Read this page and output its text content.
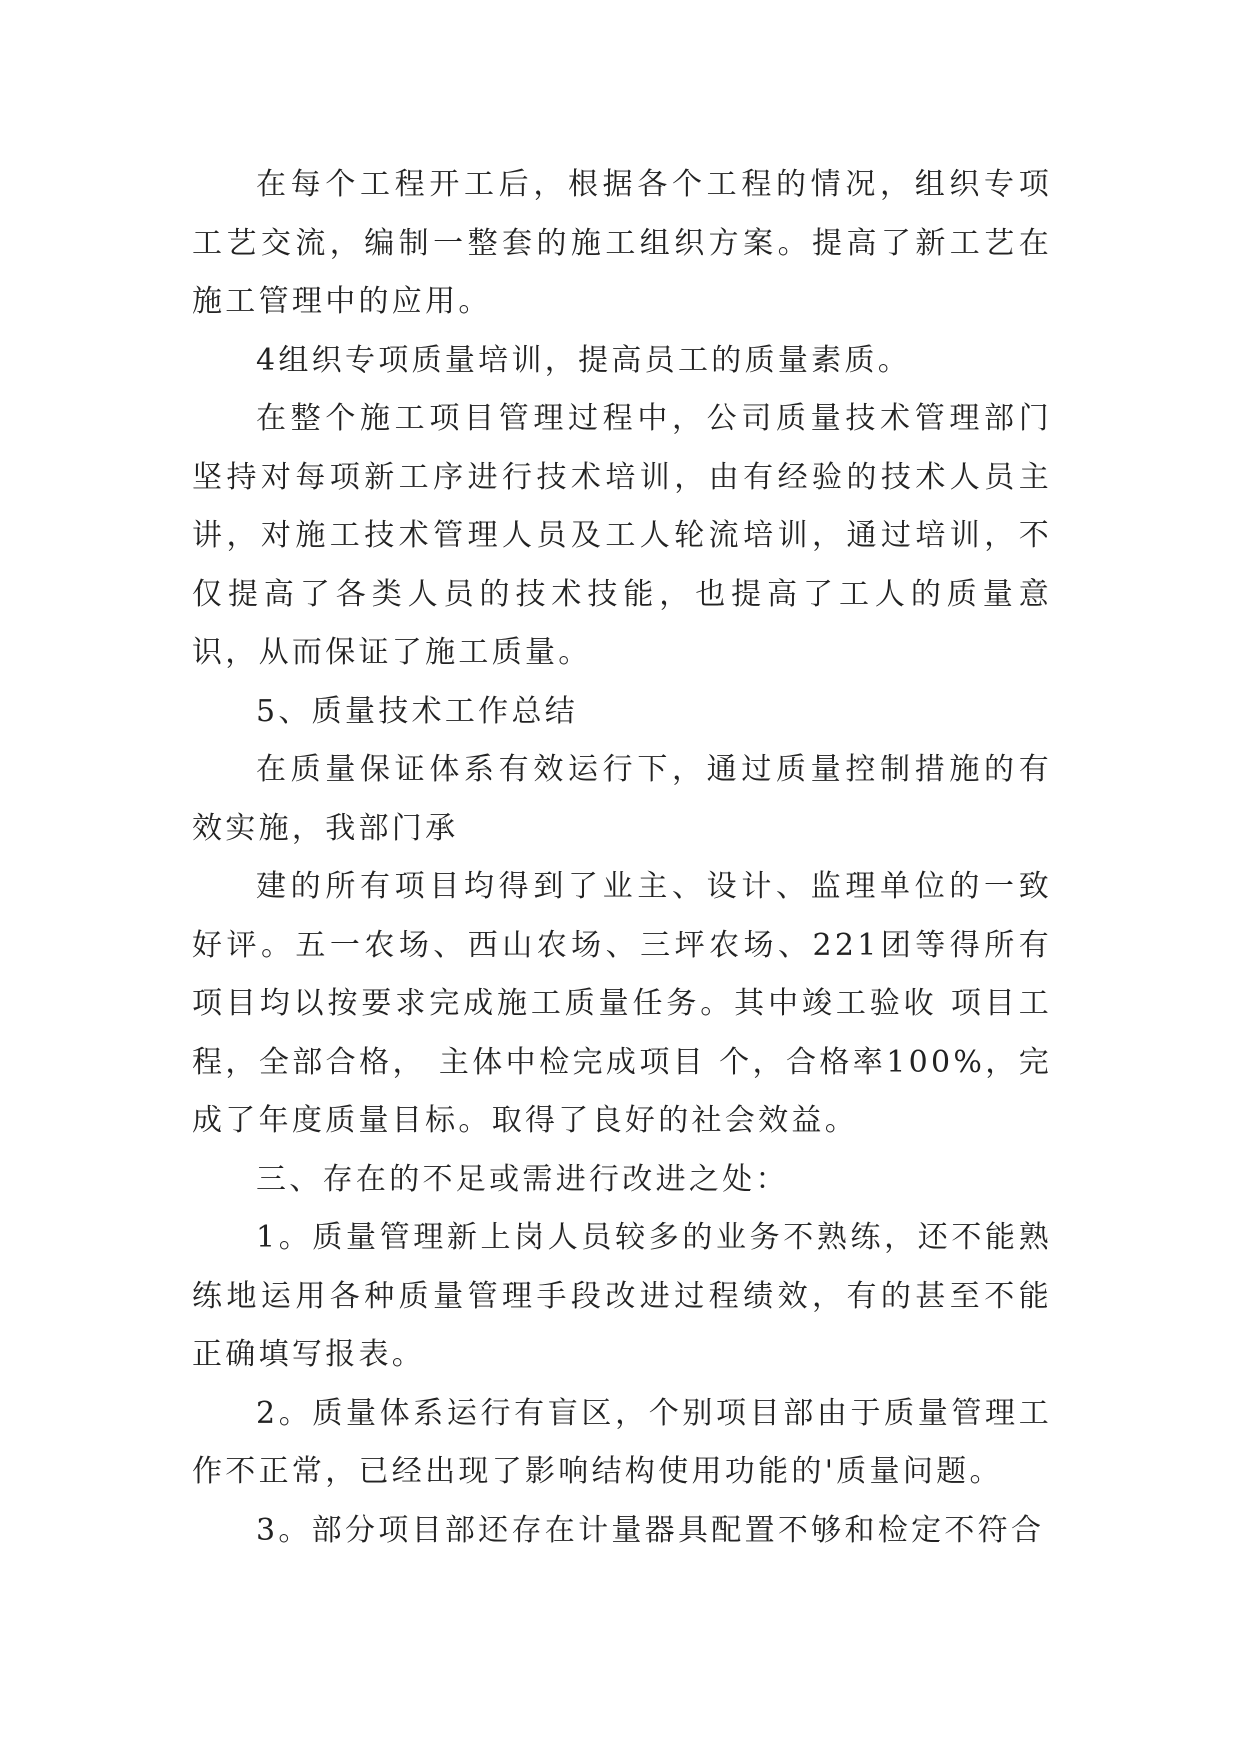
在每个工程开工后，根据各个工程的情况，组织专项工艺交流，编制一整套的施工组织方案。提高了新工艺在施工管理中的应用。

4组织专项质量培训，提高员工的质量素质。

在整个施工项目管理过程中，公司质量技术管理部门坚持对每项新工序进行技术培训，由有经验的技术人员主讲，对施工技术管理人员及工人轮流培训，通过培训，不仅提高了各类人员的技术技能，也提高了工人的质量意识，从而保证了施工质量。

5、质量技术工作总结

在质量保证体系有效运行下，通过质量控制措施的有效实施，我部门承

建的所有项目均得到了业主、设计、监理单位的一致好评。五一农场、西山农场、三坪农场、221团等得所有项目均以按要求完成施工质量任务。其中竣工验收 项目工程，全部合格， 主体中检完成项目 个，合格率100%，完成了年度质量目标。取得了良好的社会效益。

三、存在的不足或需进行改进之处：

1。质量管理新上岗人员较多的业务不熟练，还不能熟练地运用各种质量管理手段改进过程绩效，有的甚至不能正确填写报表。

2。质量体系运行有盲区，个别项目部由于质量管理工作不正常，已经出现了影响结构使用功能的'质量问题。

3。部分项目部还存在计量器具配置不够和检定不符合
